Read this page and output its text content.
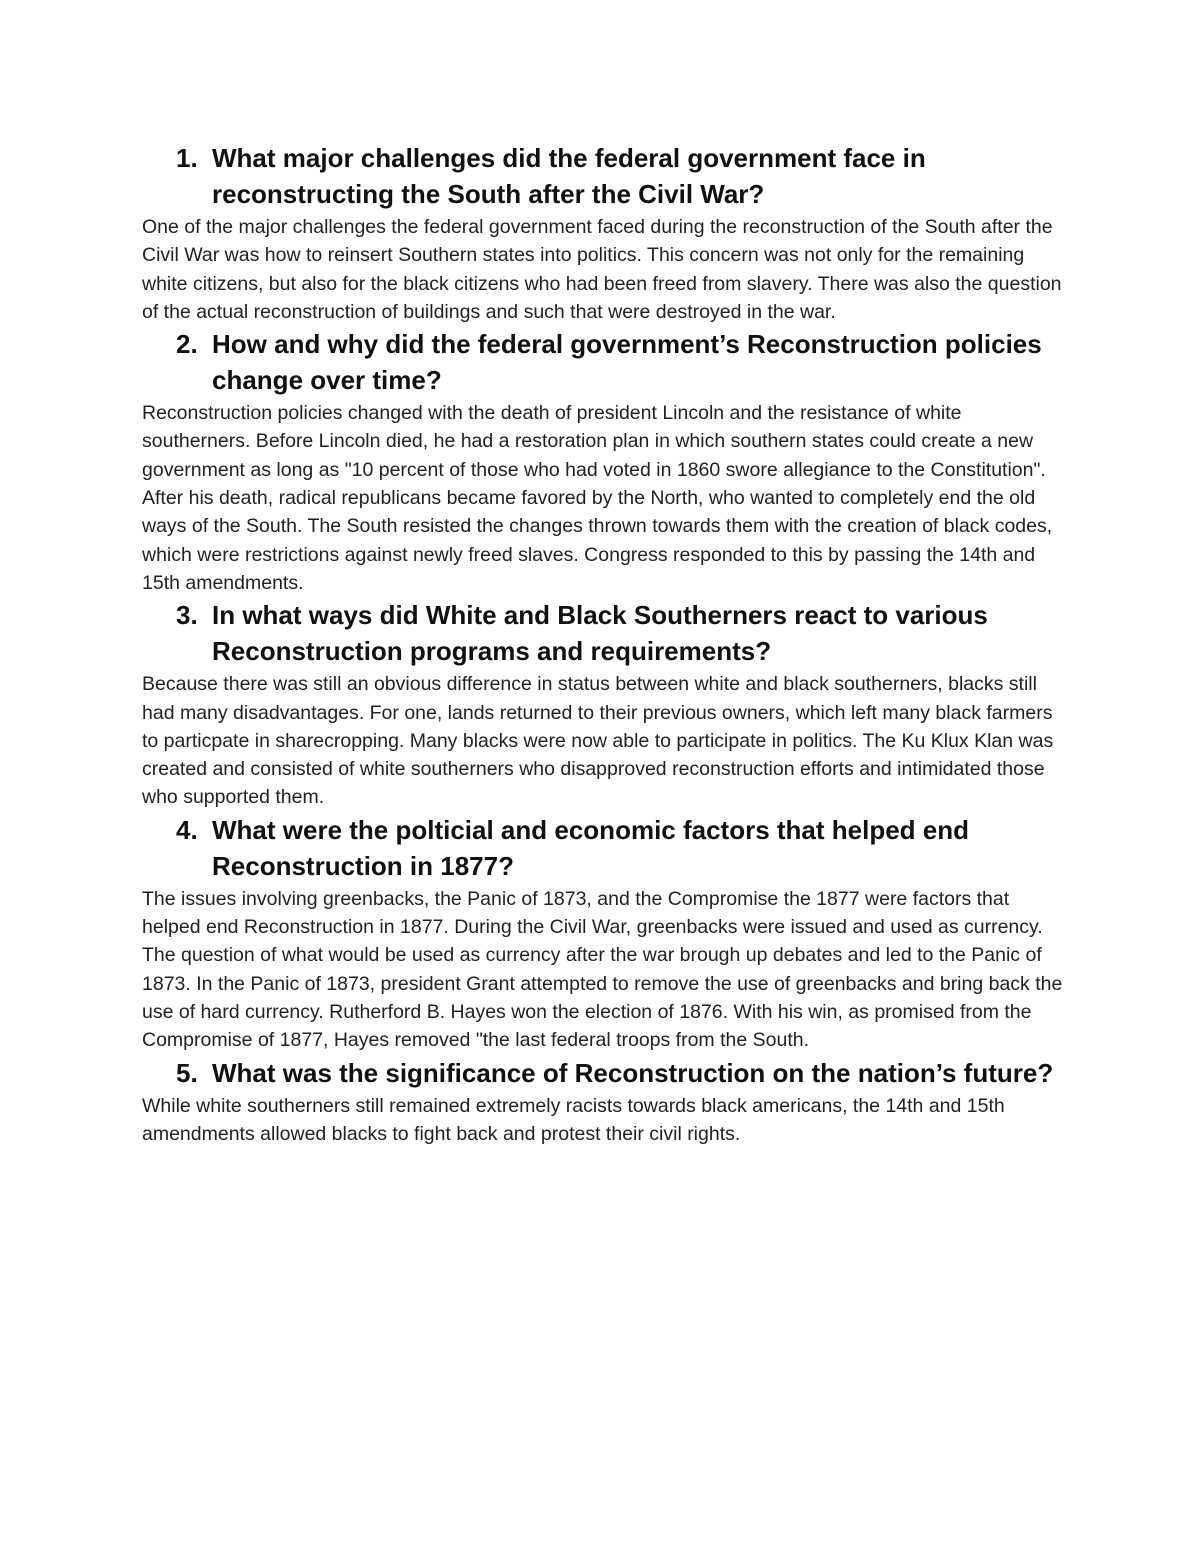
1. What major challenges did the federal government face in reconstructing the South after the Civil War?

One of the major challenges the federal government faced during the reconstruction of the South after the Civil War was how to reinsert Southern states into politics. This concern was not only for the remaining white citizens, but also for the black citizens who had been freed from slavery. There was also the question of the actual reconstruction of buildings and such that were destroyed in the war.

2. How and why did the federal government’s Reconstruction policies change over time?

Reconstruction policies changed with the death of president Lincoln and the resistance of white southerners. Before Lincoln died, he had a restoration plan in which southern states could create a new government as long as "10 percent of those who had voted in 1860 swore allegiance to the Constitution". After his death, radical republicans became favored by the North, who wanted to completely end the old ways of the South. The South resisted the changes thrown towards them with the creation of black codes, which were restrictions against newly freed slaves. Congress responded to this by passing the 14th and 15th amendments.

3. In what ways did White and Black Southerners react to various Reconstruction programs and requirements?

Because there was still an obvious difference in status between white and black southerners, blacks still had many disadvantages. For one, lands returned to their previous owners, which left many black farmers to particpate in sharecropping. Many blacks were now able to participate in politics. The Ku Klux Klan was created and consisted of white southerners who disapproved reconstruction efforts and intimidated those who supported them.

4. What were the polticial and economic factors that helped end Reconstruction in 1877?

The issues involving greenbacks, the Panic of 1873, and the Compromise the 1877 were factors that helped end Reconstruction in 1877. During the Civil War, greenbacks were issued and used as currency. The question of what would be used as currency after the war brough up debates and led to the Panic of 1873. In the Panic of 1873, president Grant attempted to remove the use of greenbacks and bring back the use of hard currency. Rutherford B. Hayes won the election of 1876. With his win, as promised from the Compromise of 1877, Hayes removed "the last federal troops from the South.

5. What was the significance of Reconstruction on the nation’s future?

While white southerners still remained extremely racists towards black americans, the 14th and 15th amendments allowed blacks to fight back and protest their civil rights.
